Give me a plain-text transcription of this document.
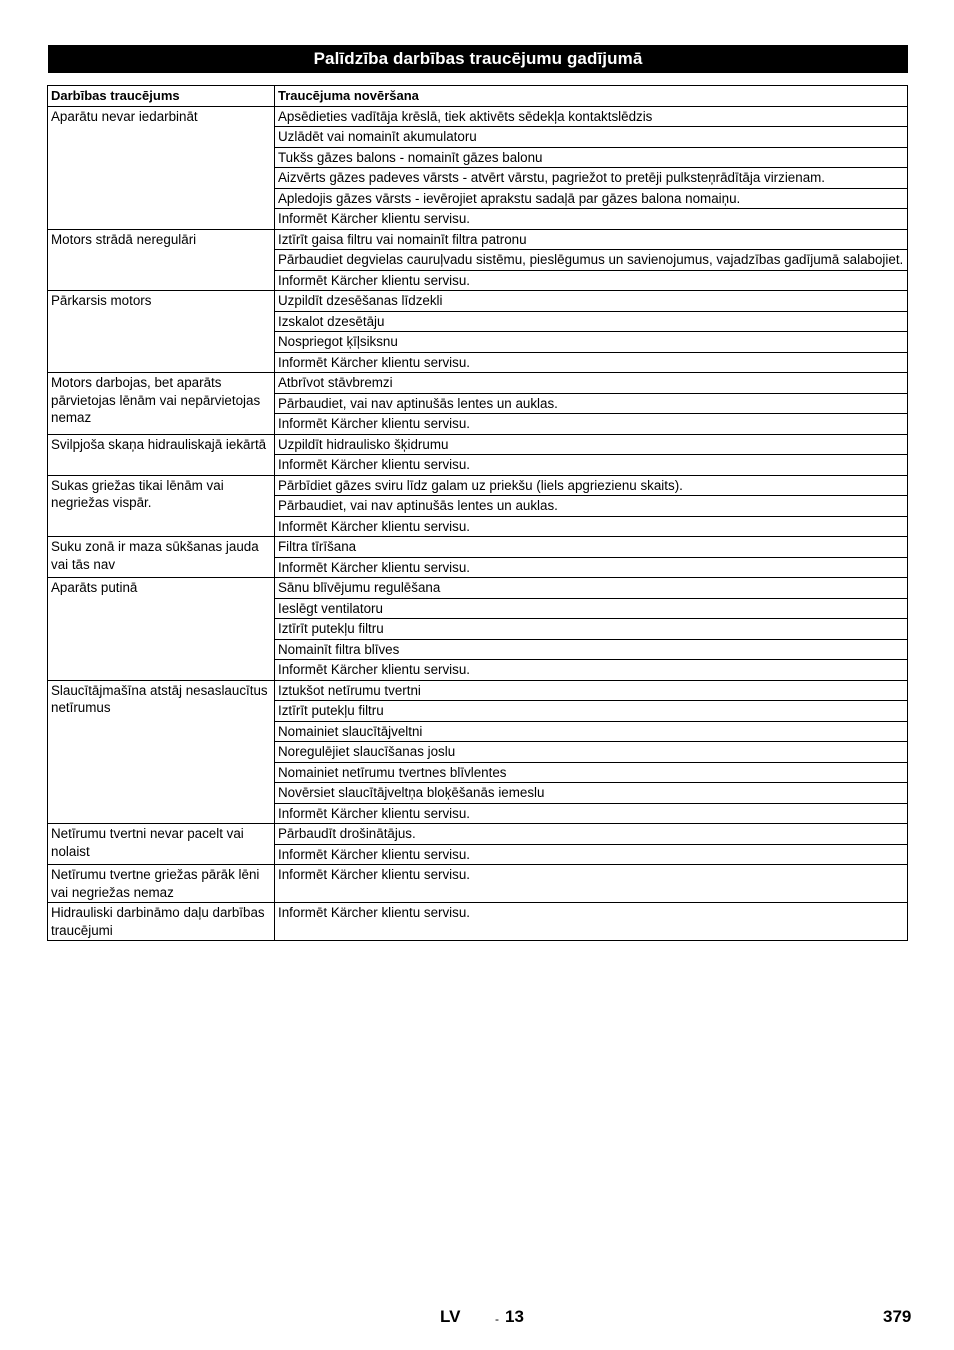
Palīdzība darbības traucējumu gadījumā
Darbības traucējums	Traucējuma novēršana
Aparātu nevar iedarbināt	Apsēdieties vadītāja krēslā, tiek aktivēts sēdekļa kontaktslēdzis
	Uzlādēt vai nomainīt akumulatoru
	Tukšs gāzes balons - nomainīt gāzes balonu
	Aizvērts gāzes padeves vārsts - atvērt vārstu, pagriežot to pretēji pulksteņrādītāja virzienam.
	Apledojis gāzes vārsts - ievērojiet aprakstu sadaļā par gāzes balona nomaiņu.
	Informēt Kärcher klientu servisu.
Motors strādā neregulāri	Iztīrīt gaisa filtru vai nomainīt filtra patronu
	Pārbaudiet degvielas cauruļvadu sistēmu, pieslēgumus un savienojumus, vajadzības gadījumā salabojiet.
	Informēt Kärcher klientu servisu.
Pārkarsis motors	Uzpildīt dzesēšanas līdzekli
	Izskalot dzesētāju
	Nospriegot ķīļsiksnu
	Informēt Kärcher klientu servisu.
Motors darbojas, bet aparāts pārvietojas lēnām vai nepārvietojas nemaz	Atbrīvot stāvbremzi
	Pārbaudiet, vai nav aptinušās lentes un auklas.
	Informēt Kärcher klientu servisu.
Svilpjoša skaņa hidrauliskajā iekārtā	Uzpildīt hidraulisko šķidrumu
	Informēt Kärcher klientu servisu.
Sukas griežas tikai lēnām vai negriežas vispār.	Pārbīdiet gāzes sviru līdz galam uz priekšu (liels apgriezienu skaits).
	Pārbaudiet, vai nav aptinušās lentes un auklas.
	Informēt Kärcher klientu servisu.
Suku zonā ir maza sūkšanas jauda vai tās nav	Filtra tīrīšana
	Informēt Kärcher klientu servisu.
Aparāts putinā	Sānu blīvējumu regulēšana
	Ieslēgt ventilatoru
	Iztīrīt putekļu filtru
	Nomainīt filtra blīves
	Informēt Kärcher klientu servisu.
Slaucītājmašīna atstāj nesaslaucītus netīrumus	Iztukšot netīrumu tvertni
	Iztīrīt putekļu filtru
	Nomainiet slaucītājveltni
	Noregulējiet slaucīšanas joslu
	Nomainiet netīrumu tvertnes blīvlentes
	Novērsiet slaucītājveltņa bloķēšanās iemeslu
	Informēt Kärcher klientu servisu.
Netīrumu tvertni nevar pacelt vai nolaist	Pārbaudīt drošinātājus.
	Informēt Kärcher klientu servisu.
Netīrumu tvertne griežas pārāk lēni vai negriežas nemaz	Informēt Kärcher klientu servisu.
Hidrauliski darbināmo daļu darbības traucējumi	Informēt Kärcher klientu servisu.
LV	- 13	379
